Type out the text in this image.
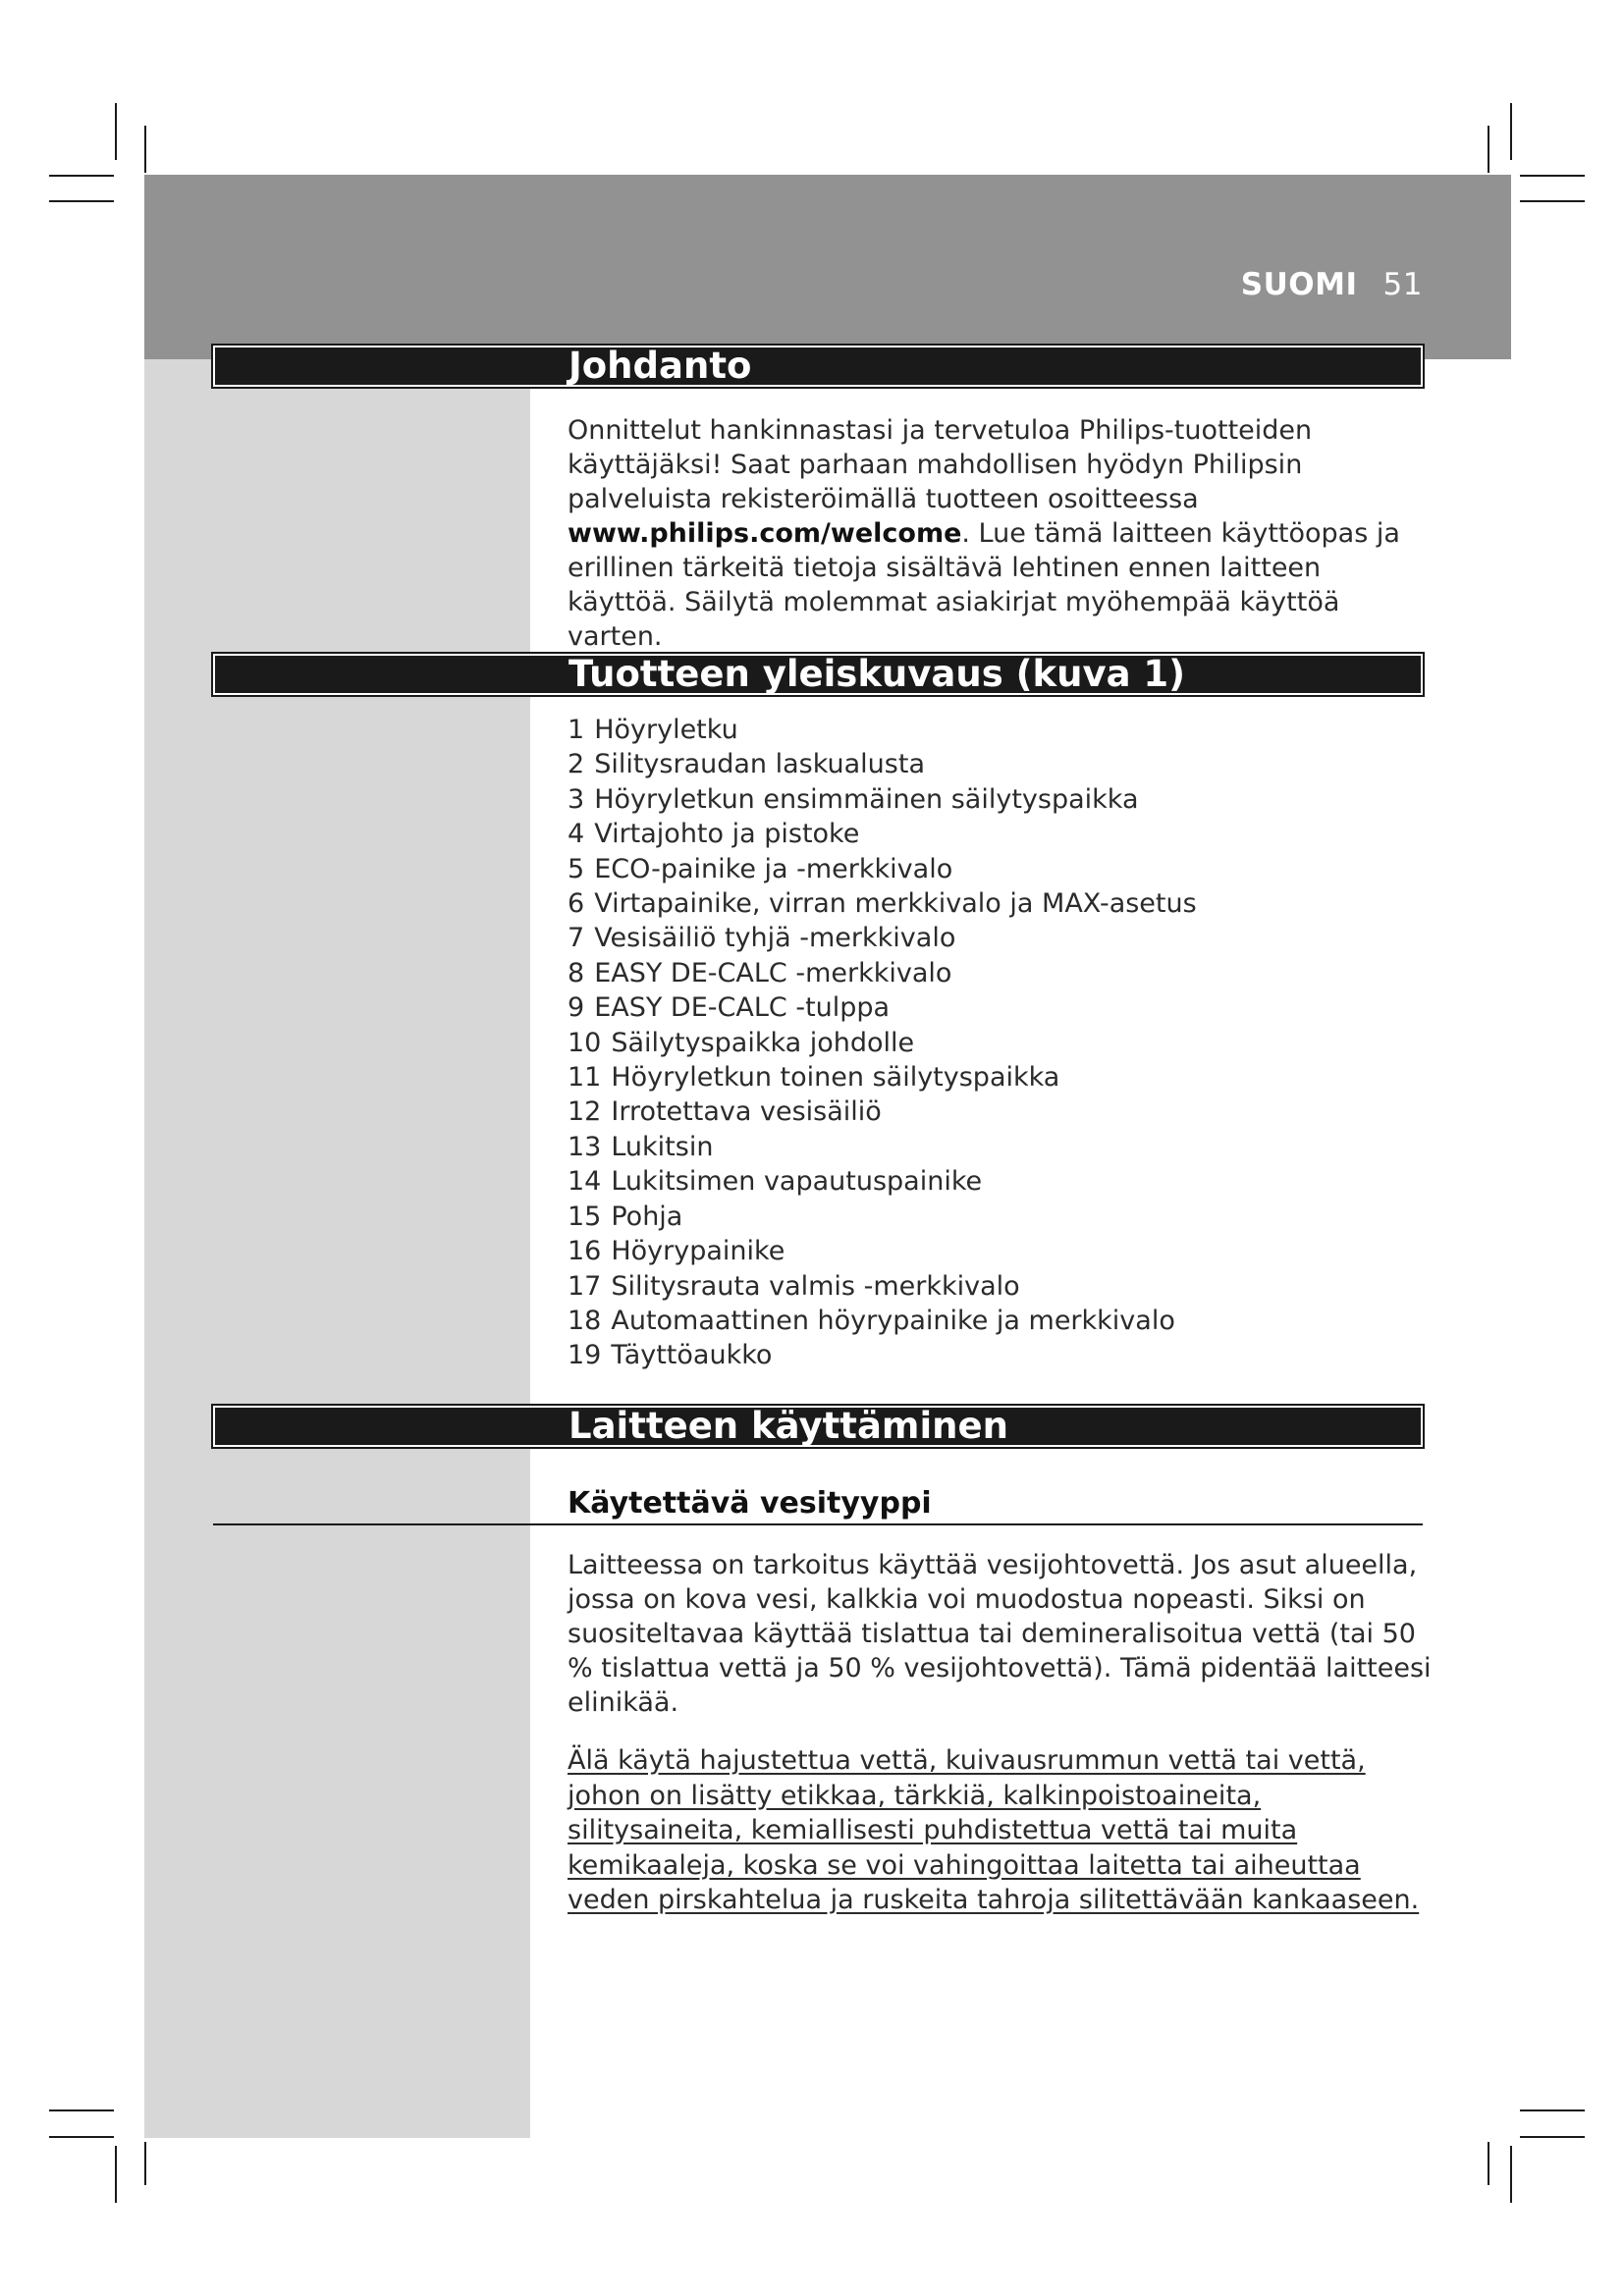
SUOMI 51
Johdanto

Onnittelut hankinnastasi ja tervetuloa Philips-tuotteiden käyttäjäksi! Saat parhaan mahdollisen hyödyn Philipsin palveluista rekisteröimällä tuotteen osoitteessa www.philips.com/welcome. Lue tämä laitteen käyttöopas ja erillinen tärkeitä tietoja sisältävä lehtinen ennen laitteen käyttöä. Säilytä molemmat asiakirjat myöhempää käyttöä varten.

Tuotteen yleiskuvaus (kuva 1)
1 Höyryletku
2 Silitysraudan laskualusta
3 Höyryletkun ensimmäinen säilytyspaikka
4 Virtajohto ja pistoke
5 ECO-painike ja -merkkivalo
6 Virtapainike, virran merkkivalo ja MAX-asetus
7 Vesisäiliö tyhjä -merkkivalo
8 EASY DE-CALC -merkkivalo
9 EASY DE-CALC -tulppa
10 Säilytyspaikka johdolle
11 Höyryletkun toinen säilytyspaikka
12 Irrotettava vesisäiliö
13 Lukitsin
14 Lukitsimen vapautuspainike
15 Pohja
16 Höyrypainike
17 Silitysrauta valmis -merkkivalo
18 Automaattinen höyrypainike ja merkkivalo
19 Täyttöaukko
Laitteen käyttäminen
Käytettävä vesityyppi

Laitteessa on tarkoitus käyttää vesijohtovettä. Jos asut alueella, jossa on kova vesi, kalkkia voi muodostua nopeasti. Siksi on suositeltavaa käyttää tislattua tai demineralisoitua vettä (tai 50 % tislattua vettä ja 50 % vesijohtovettä). Tämä pidentää laitteesi elinikää.

Älä käytä hajustettua vettä, kuivausrummun vettä tai vettä, johon on lisätty etikkaa, tärkkiä, kalkinpoistoaineita, silitysaineita, kemiallisesti puhdistettua vettä tai muita kemikaaleja, koska se voi vahingoittaa laitetta tai aiheuttaa veden pirskahtelua ja ruskeita tahroja silitettävään kankaaseen.
